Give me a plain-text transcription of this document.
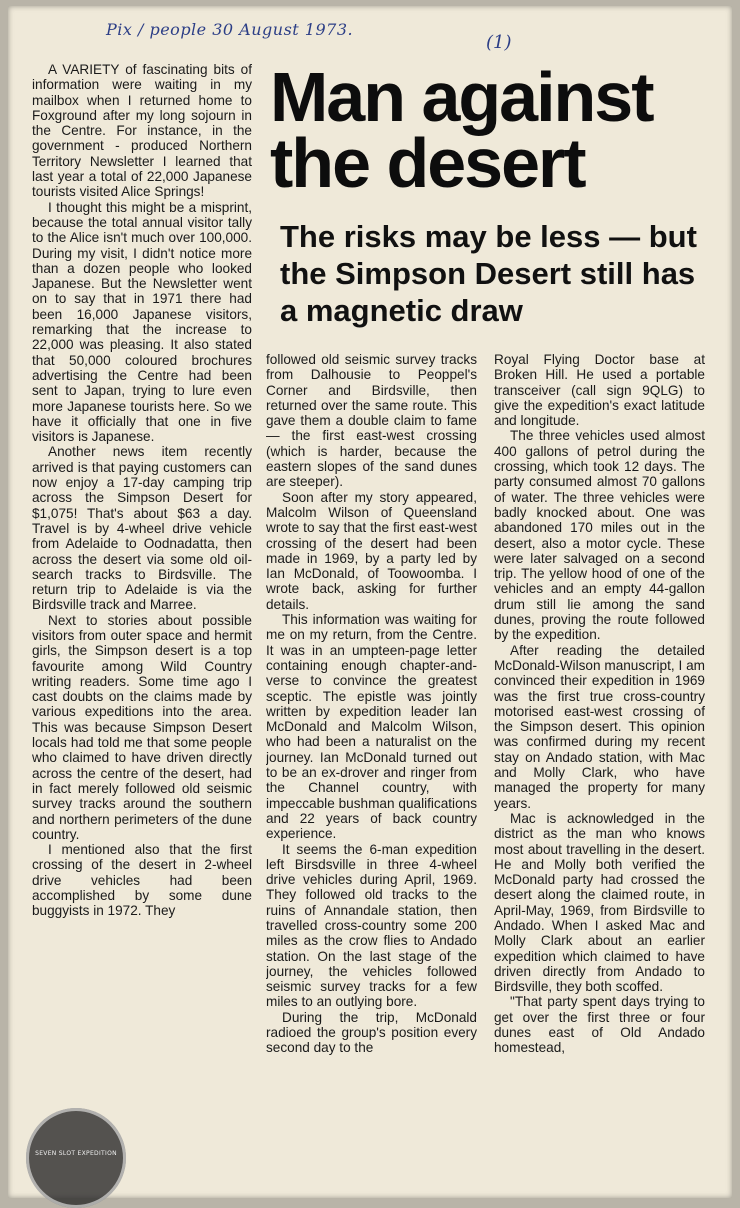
Pix / people 30 August 1973.
(1)

A VARIETY of fascinating bits of information were waiting in my mailbox when I returned home to Foxground after my long sojourn in the Centre. For instance, in the government - produced Northern Territory Newsletter I learned that last year a total of 22,000 Japanese tourists visited Alice Springs!

I thought this might be a misprint, because the total annual visitor tally to the Alice isn't much over 100,000. During my visit, I didn't notice more than a dozen people who looked Japanese. But the Newsletter went on to say that in 1971 there had been 16,000 Japanese visitors, remarking that the increase to 22,000 was pleasing. It also stated that 50,000 coloured brochures advertising the Centre had been sent to Japan, trying to lure even more Japanese tourists here. So we have it officially that one in five visitors is Japanese.

Another news item recently arrived is that paying customers can now enjoy a 17-day camping trip across the Simpson Desert for $1,075! That's about $63 a day. Travel is by 4-wheel drive vehicle from Adelaide to Oodnadatta, then across the desert via some old oil-search tracks to Birdsville. The return trip to Adelaide is via the Birdsville track and Marree.

Next to stories about possible visitors from outer space and hermit girls, the Simpson desert is a top favourite among Wild Country writing readers. Some time ago I cast doubts on the claims made by various expeditions into the area. This was because Simpson Desert locals had told me that some people who claimed to have driven directly across the centre of the desert, had in fact merely followed old seismic survey tracks around the southern and northern perimeters of the dune country.

I mentioned also that the first crossing of the desert in 2-wheel drive vehicles had been accomplished by some dune buggyists in 1972. They

Man against the desert
The risks may be less — but the Simpson Desert still has a magnetic draw

followed old seismic survey tracks from Dalhousie to Peoppel's Corner and Birdsville, then returned over the same route. This gave them a double claim to fame — the first east-west crossing (which is harder, because the eastern slopes of the sand dunes are steeper).

Soon after my story appeared, Malcolm Wilson of Queensland wrote to say that the first east-west crossing of the desert had been made in 1969, by a party led by Ian McDonald, of Toowoomba. I wrote back, asking for further details.

This information was waiting for me on my return, from the Centre. It was in an umpteen-page letter containing enough chapter-and-verse to convince the greatest sceptic. The epistle was jointly written by expedition leader Ian McDonald and Malcolm Wilson, who had been a naturalist on the journey. Ian McDonald turned out to be an ex-drover and ringer from the Channel country, with impeccable bushman qualifications and 22 years of back country experience.

It seems the 6-man expedition left Birsdsville in three 4-wheel drive vehicles during April, 1969. They followed old tracks to the ruins of Annandale station, then travelled cross-country some 200 miles as the crow flies to Andado station. On the last stage of the journey, the vehicles followed seismic survey tracks for a few miles to an outlying bore.

During the trip, McDonald radioed the group's position every second day to the

Royal Flying Doctor base at Broken Hill. He used a portable transceiver (call sign 9QLG) to give the expedition's exact latitude and longitude.

The three vehicles used almost 400 gallons of petrol during the crossing, which took 12 days. The party consumed almost 70 gallons of water. The three vehicles were badly knocked about. One was abandoned 170 miles out in the desert, also a motor cycle. These were later salvaged on a second trip. The yellow hood of one of the vehicles and an empty 44-gallon drum still lie among the sand dunes, proving the route followed by the expedition.

After reading the detailed McDonald-Wilson manuscript, I am convinced their expedition in 1969 was the first true cross-country motorised east-west crossing of the Simpson desert. This opinion was confirmed during my recent stay on Andado station, with Mac and Molly Clark, who have managed the property for many years.

Mac is acknowledged in the district as the man who knows most about travelling in the desert. He and Molly both verified the McDonald party had crossed the desert along the claimed route, in April-May, 1969, from Birdsville to Andado. When I asked Mac and Molly Clark about an earlier expedition which claimed to have driven directly from Andado to Birdsville, they both scoffed.

"That party spent days trying to get over the first three or four dunes east of Old Andado homestead,

SEVEN SLOT EXPEDITION
